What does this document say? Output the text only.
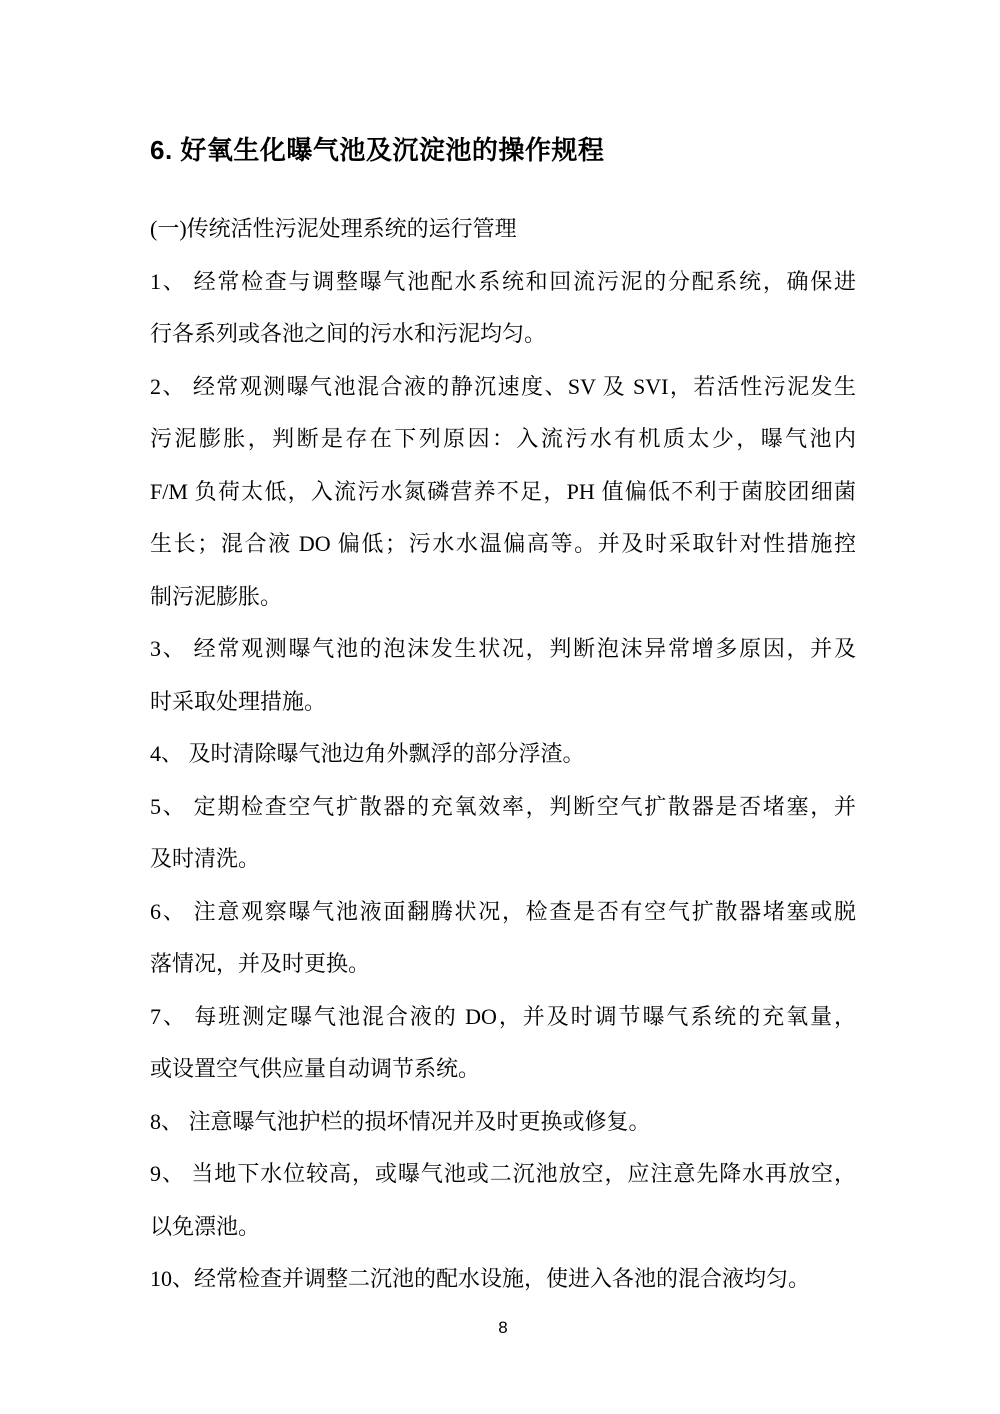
6. 好氧生化曝气池及沉淀池的操作规程
(一)传统活性污泥处理系统的运行管理
1、 经常检查与调整曝气池配水系统和回流污泥的分配系统，确保进
行各系列或各池之间的污水和污泥均匀。
2、 经常观测曝气池混合液的静沉速度、SV 及 SVI，若活性污泥发生
污泥膨胀，判断是存在下列原因：入流污水有机质太少，曝气池内
F/M 负荷太低，入流污水氮磷营养不足，PH 值偏低不利于菌胶团细菌
生长；混合液 DO 偏低；污水水温偏高等。并及时采取针对性措施控
制污泥膨胀。
3、 经常观测曝气池的泡沫发生状况，判断泡沫异常增多原因，并及
时采取处理措施。
4、 及时清除曝气池边角外飘浮的部分浮渣。
5、 定期检查空气扩散器的充氧效率，判断空气扩散器是否堵塞，并
及时清洗。
6、 注意观察曝气池液面翻腾状况，检查是否有空气扩散器堵塞或脱
落情况，并及时更换。
7、 每班测定曝气池混合液的 DO，并及时调节曝气系统的充氧量，
或设置空气供应量自动调节系统。
8、 注意曝气池护栏的损坏情况并及时更换或修复。
9、 当地下水位较高，或曝气池或二沉池放空，应注意先降水再放空，
以免漂池。
10、经常检查并调整二沉池的配水设施，使进入各池的混合液均匀。
8
